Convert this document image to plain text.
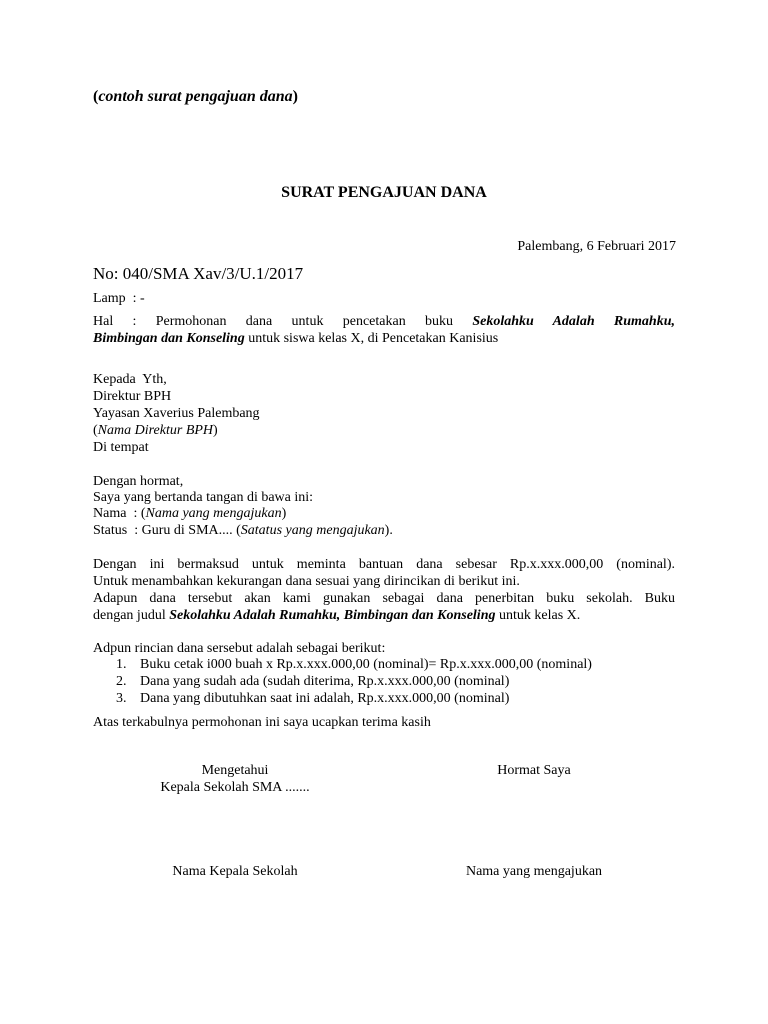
(contoh surat pengajuan dana)
SURAT PENGAJUAN DANA
Palembang, 6 Februari 2017
No: 040/SMA Xav/3/U.1/2017
Lamp  : -
Hal : Permohonan dana untuk pencetakan buku Sekolahku Adalah Rumahku,
Bimbingan dan Konseling untuk siswa kelas X, di Pencetakan Kanisius
Kepada  Yth,
Direktur BPH
Yayasan Xaverius Palembang
(Nama Direktur BPH)
Di tempat
Dengan hormat,
Saya yang bertanda tangan di bawa ini:
Nama  : (Nama yang mengajukan)
Status  : Guru di SMA.... (Satatus yang mengajukan).
Dengan ini bermaksud untuk meminta bantuan dana sebesar Rp.x.xxx.000,00 (nominal).
Untuk menambahkan kekurangan dana sesuai yang dirincikan di berikut ini.
Adapun dana tersebut akan kami gunakan sebagai dana penerbitan buku sekolah. Buku
dengan judul Sekolahku Adalah Rumahku, Bimbingan dan Konseling untuk kelas X.
Adpun rincian dana sersebut adalah sebagai berikut:
1. Buku cetak i000 buah x Rp.x.xxx.000,00 (nominal)= Rp.x.xxx.000,00 (nominal)
2. Dana yang sudah ada (sudah diterima, Rp.x.xxx.000,00 (nominal)
3. Dana yang dibutuhkan saat ini adalah, Rp.x.xxx.000,00 (nominal)
Atas terkabulnya permohonan ini saya ucapkan terima kasih
Mengetahui
Kepala Sekolah SMA .......
Hormat Saya
Nama Kepala Sekolah	Nama yang mengajukan
